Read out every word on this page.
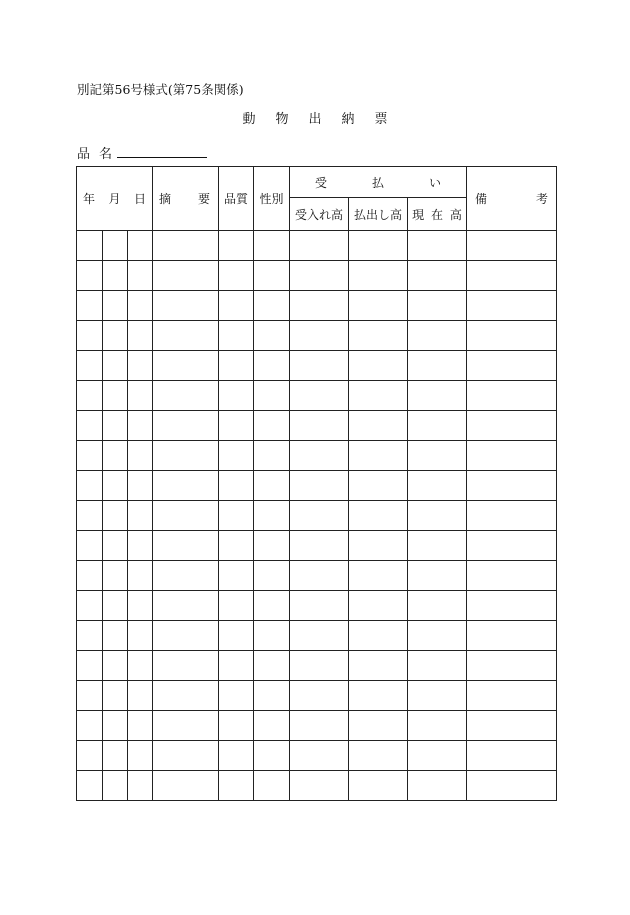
別記第56号様式(第75条関係)
動物出納票
品名
年 月 日			摘 要	品質	性別	受 払 い			備 考

						受入れ高	払出し高	現 在 高	
